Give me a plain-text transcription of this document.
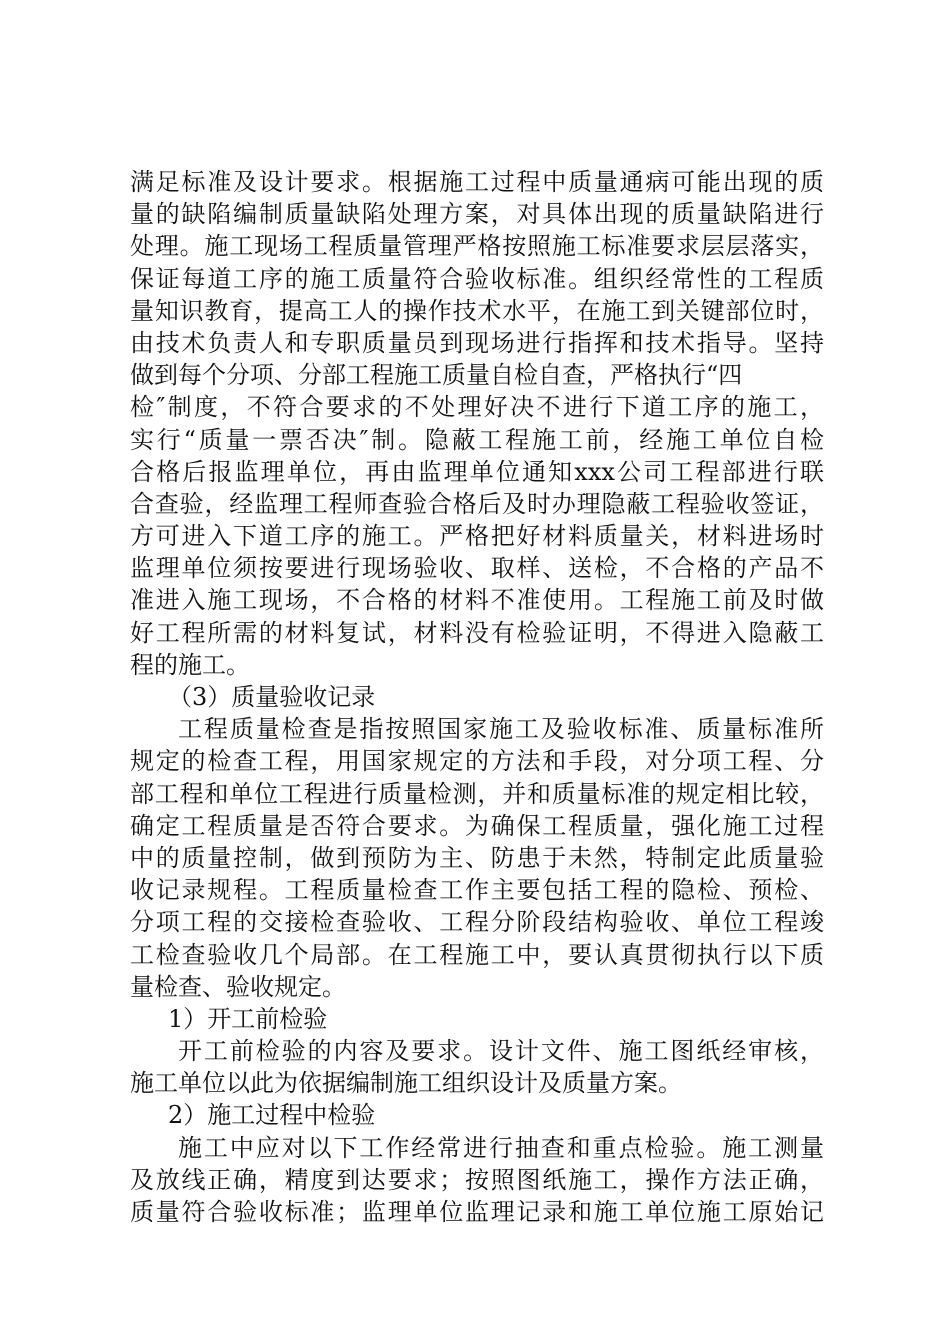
满足标准及设计要求。根据施工过程中质量通病可能出现的质
量的缺陷编制质量缺陷处理方案，对具体出现的质量缺陷进行
处理。施工现场工程质量管理严格按照施工标准要求层层落实，
保证每道工序的施工质量符合验收标准。组织经常性的工程质
量知识教育，提高工人的操作技术水平，在施工到关键部位时，
由技术负责人和专职质量员到现场进行指挥和技术指导。坚持
做到每个分项、分部工程施工质量自检自查，严格执行“四
检″制度，不符合要求的不处理好决不进行下道工序的施工，
实行“质量一票否决″制。隐蔽工程施工前，经施工单位自检
合格后报监理单位，再由监理单位通知xxx公司工程部进行联
合查验，经监理工程师查验合格后及时办理隐蔽工程验收签证，
方可进入下道工序的施工。严格把好材料质量关，材料进场时
监理单位须按要进行现场验收、取样、送检，不合格的产品不
准进入施工现场，不合格的材料不准使用。工程施工前及时做
好工程所需的材料复试，材料没有检验证明，不得进入隐蔽工
程的施工。
（3）质量验收记录
工程质量检查是指按照国家施工及验收标准、质量标准所
规定的检查工程，用国家规定的方法和手段，对分项工程、分
部工程和单位工程进行质量检测，并和质量标准的规定相比较，
确定工程质量是否符合要求。为确保工程质量，强化施工过程
中的质量控制，做到预防为主、防患于未然，特制定此质量验
收记录规程。工程质量检查工作主要包括工程的隐检、预检、
分项工程的交接检查验收、工程分阶段结构验收、单位工程竣
工检查验收几个局部。在工程施工中，要认真贯彻执行以下质
量检查、验收规定。
1）开工前检验
开工前检验的内容及要求。设计文件、施工图纸经审核，
施工单位以此为依据编制施工组织设计及质量方案。
2）施工过程中检验
施工中应对以下工作经常进行抽查和重点检验。施工测量
及放线正确，精度到达要求；按照图纸施工，操作方法正确，
质量符合验收标准；监理单位监理记录和施工单位施工原始记
